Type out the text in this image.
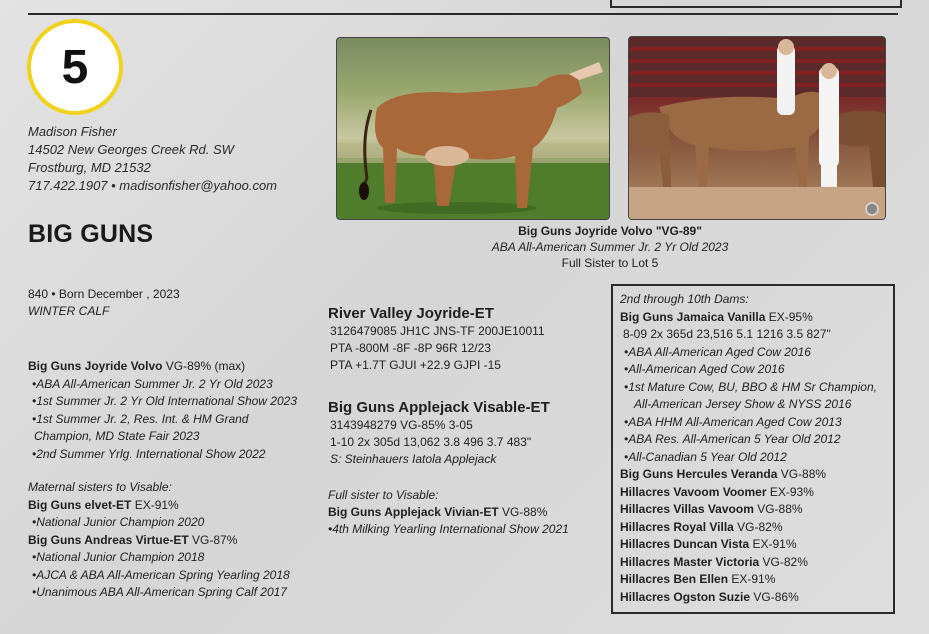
5
Madison Fisher
14502 New Georges Creek Rd. SW
Frostburg, MD 21532
717.422.1907 • madisonfisher@yahoo.com
BIG GUNS	Big Guns Joyride Volvo "VG-89"
ABA All-American Summer Jr. 2 Yr Old 2023
Full Sister to Lot 5
840 • Born December , 2023
WINTER CALF
Big Guns Joyride Volvo VG-89% (max)
•ABA All-American Summer Jr. 2 Yr Old 2023
•1st Summer Jr. 2 Yr Old International Show 2023
•1st Summer Jr. 2, Res. Int. & HM Grand
Champion, MD State Fair 2023
•2nd Summer Yrlg. International Show 2022
Maternal sisters to Visable:
Big Guns elvet-ET EX-91%
•National Junior Champion 2020
Big Guns Andreas Virtue-ET VG-87%
•National Junior Champion 2018
•AJCA & ABA All-American Spring Yearling 2018
•Unanimous ABA All-American Spring Calf 2017
River Valley Joyride-ET
3126479085 JH1C JNS-TF 200JE10011
PTA -800M -8F -8P 96R 12/23
PTA +1.7T GJUI +22.9 GJPI -15
Big Guns Applejack Visable-ET
3143948279 VG-85% 3-05
1-10 2x 305d 13,062 3.8 496 3.7 483"
S: Steinhauers Iatola Applejack
Full sister to Visable:
Big Guns Applejack Vivian-ET VG-88%
•4th Milking Yearling International Show 2021
2nd through 10th Dams:
Big Guns Jamaica Vanilla EX-95%
8-09 2x 365d 23,516 5.1 1216 3.5 827"
•ABA All-American Aged Cow 2016
•All-American Aged Cow 2016
•1st Mature Cow, BU, BBO & HM Sr Champion,
All-American Jersey Show & NYSS 2016
•ABA HHM All-American Aged Cow 2013
•ABA Res. All-American 5 Year Old 2012
•All-Canadian 5 Year Old 2012
Big Guns Hercules Veranda VG-88%
Hillacres Vavoom Voomer EX-93%
Hillacres Villas Vavoom VG-88%
Hillacres Royal Villa VG-82%
Hillacres Duncan Vista EX-91%
Hillacres Master Victoria VG-82%
Hillacres Ben Ellen EX-91%
Hillacres Ogston Suzie VG-86%
